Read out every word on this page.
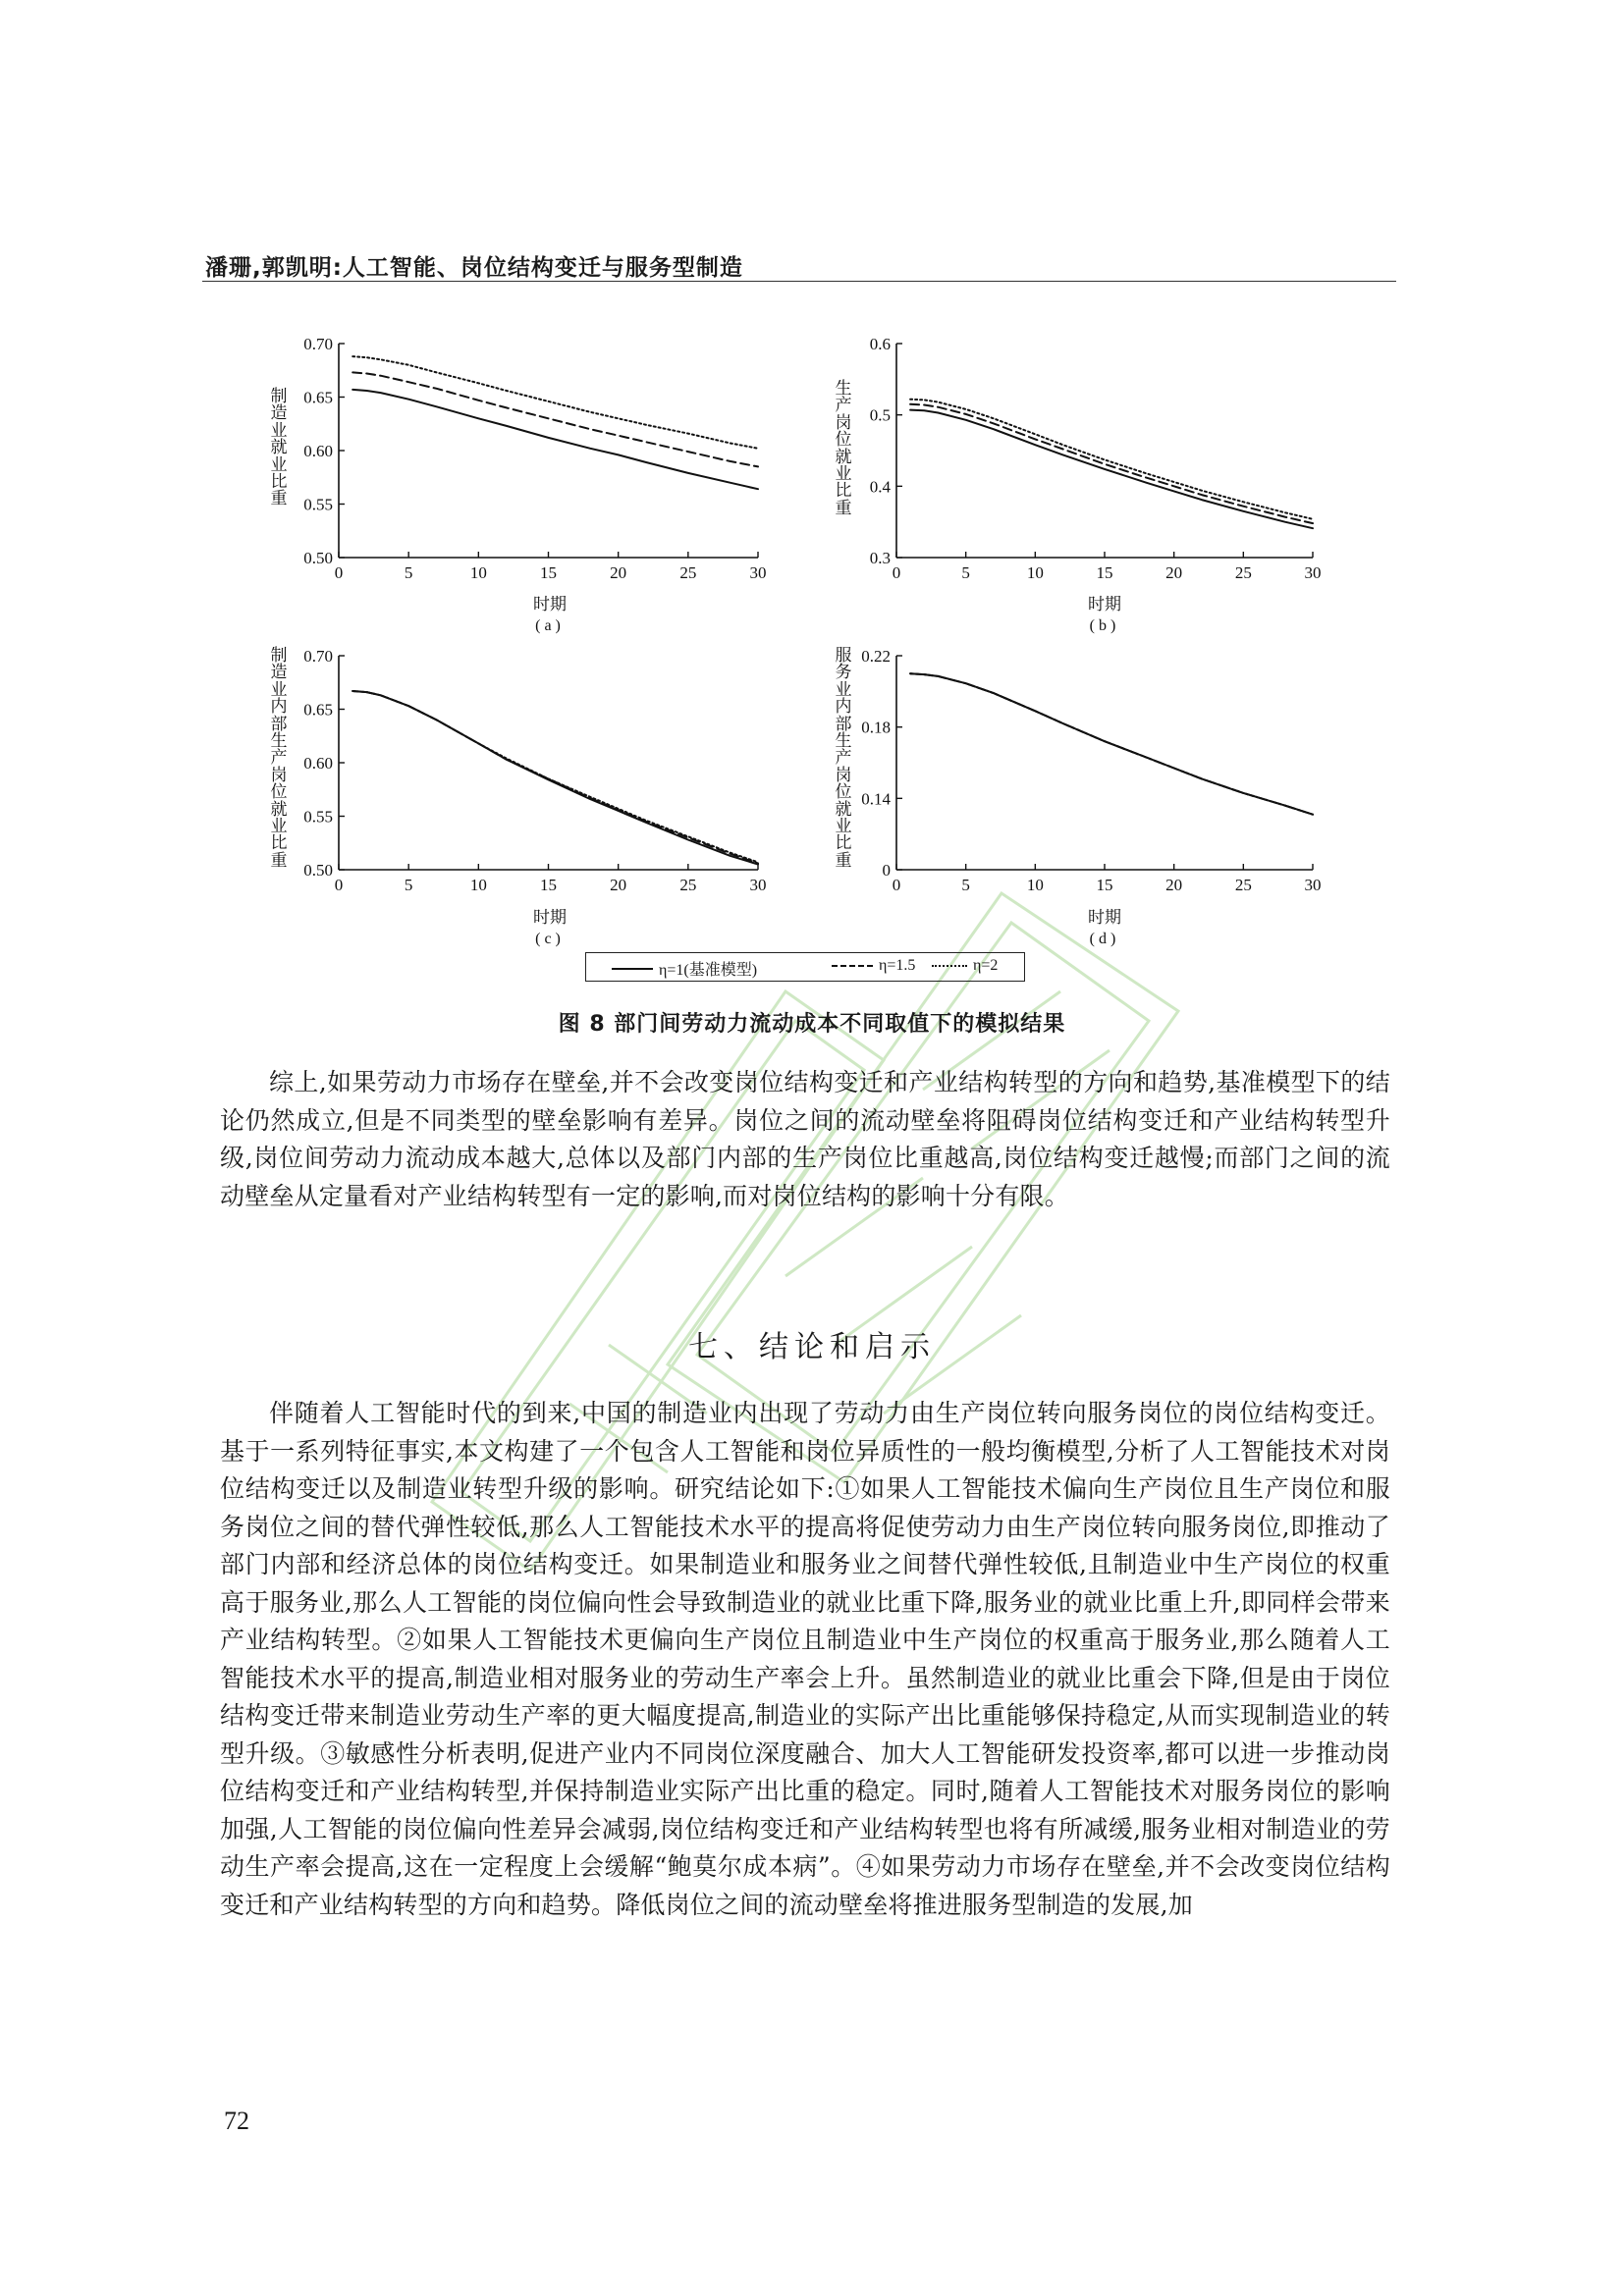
潘珊,郭凯明:人工智能、岗位结构变迁与服务型制造
0	5	10	15	20	25	30
0.50
0.55
0.60
0.65
0.70
0	5	10	15	20	25	30
0.3
0.4
0.5
0.6
0	5	10	15	20	25	30
0.50
0.55
0.60
0.65
0.70
0	5	10	15	20	25	30
0
0.14
0.18
0.22
制造业就业比重
生产岗位就业比重
制造业内部生产岗位就业比重
服务业内部生产岗位就业比重
时期	时期
时期	时期
(a)	(b)
(c)	(d)
η=1(基准模型)	η=1.5	η=2
图 8 部门间劳动力流动成本不同取值下的模拟结果

综上,如果劳动力市场存在壁垒,并不会改变岗位结构变迁和产业结构转型的方向和趋势,基准模型下的结论仍然成立,但是不同类型的壁垒影响有差异。岗位之间的流动壁垒将阻碍岗位结构变迁和产业结构转型升级,岗位间劳动力流动成本越大,总体以及部门内部的生产岗位比重越高,岗位结构变迁越慢;而部门之间的流动壁垒从定量看对产业结构转型有一定的影响,而对岗位结构的影响十分有限。

七、结论和启示

伴随着人工智能时代的到来,中国的制造业内出现了劳动力由生产岗位转向服务岗位的岗位结构变迁。基于一系列特征事实,本文构建了一个包含人工智能和岗位异质性的一般均衡模型,分析了人工智能技术对岗位结构变迁以及制造业转型升级的影响。研究结论如下:①如果人工智能技术偏向生产岗位且生产岗位和服务岗位之间的替代弹性较低,那么人工智能技术水平的提高将促使劳动力由生产岗位转向服务岗位,即推动了部门内部和经济总体的岗位结构变迁。如果制造业和服务业之间替代弹性较低,且制造业中生产岗位的权重高于服务业,那么人工智能的岗位偏向性会导致制造业的就业比重下降,服务业的就业比重上升,即同样会带来产业结构转型。②如果人工智能技术更偏向生产岗位且制造业中生产岗位的权重高于服务业,那么随着人工智能技术水平的提高,制造业相对服务业的劳动生产率会上升。虽然制造业的就业比重会下降,但是由于岗位结构变迁带来制造业劳动生产率的更大幅度提高,制造业的实际产出比重能够保持稳定,从而实现制造业的转型升级。③敏感性分析表明,促进产业内不同岗位深度融合、加大人工智能研发投资率,都可以进一步推动岗位结构变迁和产业结构转型,并保持制造业实际产出比重的稳定。同时,随着人工智能技术对服务岗位的影响加强,人工智能的岗位偏向性差异会减弱,岗位结构变迁和产业结构转型也将有所减缓,服务业相对制造业的劳动生产率会提高,这在一定程度上会缓解“鲍莫尔成本病”。④如果劳动力市场存在壁垒,并不会改变岗位结构变迁和产业结构转型的方向和趋势。降低岗位之间的流动壁垒将推进服务型制造的发展,加

72
